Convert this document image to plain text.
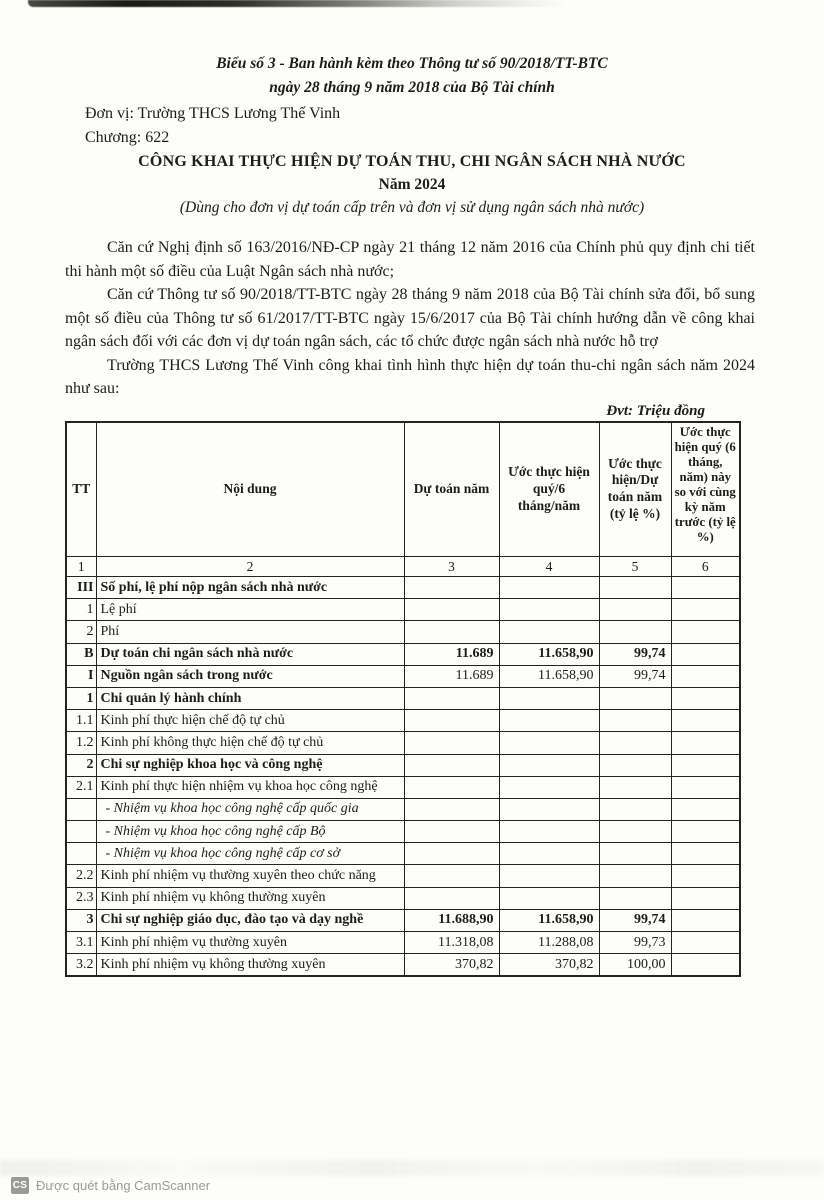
Biểu số 3 - Ban hành kèm theo Thông tư số 90/2018/TT-BTC
ngày 28 tháng 9 năm 2018 của Bộ Tài chính
Đơn vị: Trường THCS Lương Thế Vinh
Chương: 622
CÔNG KHAI THỰC HIỆN DỰ TOÁN THU, CHI NGÂN SÁCH NHÀ NƯỚC
Năm 2024
(Dùng cho đơn vị dự toán cấp trên và đơn vị sử dụng ngân sách nhà nước)

Căn cứ Nghị định số 163/2016/NĐ-CP ngày 21 tháng 12 năm 2016 của Chính phủ quy định chi tiết thi hành một số điều của Luật Ngân sách nhà nước;

Căn cứ Thông tư số 90/2018/TT-BTC ngày 28 tháng 9 năm 2018 của Bộ Tài chính sửa đổi, bổ sung một số điều của Thông tư số 61/2017/TT-BTC ngày 15/6/2017 của Bộ Tài chính hướng dẫn về công khai ngân sách đối với các đơn vị dự toán ngân sách, các tổ chức được ngân sách nhà nước hỗ trợ

Trường THCS Lương Thế Vinh công khai tình hình thực hiện dự toán thu-chi ngân sách năm 2024 như sau:

Đvt: Triệu đồng
TT	Nội dung	Dự toán năm	Ước thực hiện quý/6 tháng/năm	Ước thực hiện/Dự toán năm (tỷ lệ %)	Ước thực hiện quý (6 tháng, năm) này so với cùng kỳ năm trước (tỷ lệ %)
1	2	3	4	5	6
III	Số phí, lệ phí nộp ngân sách nhà nước				
1	Lệ phí				
2	Phí				
B	Dự toán chi ngân sách nhà nước	11.689	11.658,90	99,74	
I	Nguồn ngân sách trong nước	11.689	11.658,90	99,74	
1	Chi quản lý hành chính				
1.1	Kinh phí thực hiện chế độ tự chủ				
1.2	Kinh phí không thực hiện chế độ tự chủ				
2	Chi sự nghiệp khoa học và công nghệ				
2.1	Kinh phí thực hiện nhiệm vụ khoa học công nghệ				
	- Nhiệm vụ khoa học công nghệ cấp quốc gia				
	- Nhiệm vụ khoa học công nghệ cấp Bộ				
	- Nhiệm vụ khoa học công nghệ cấp cơ sở				
2.2	Kinh phí nhiệm vụ thường xuyên theo chức năng				
2.3	Kinh phí nhiệm vụ không thường xuyên				
3	Chi sự nghiệp giáo dục, đào tạo và dạy nghề	11.688,90	11.658,90	99,74	
3.1	Kinh phí nhiệm vụ thường xuyên	11.318,08	11.288,08	99,73	
3.2	Kinh phí nhiệm vụ không thường xuyên	370,82	370,82	100,00	
CS Được quét bằng CamScanner
